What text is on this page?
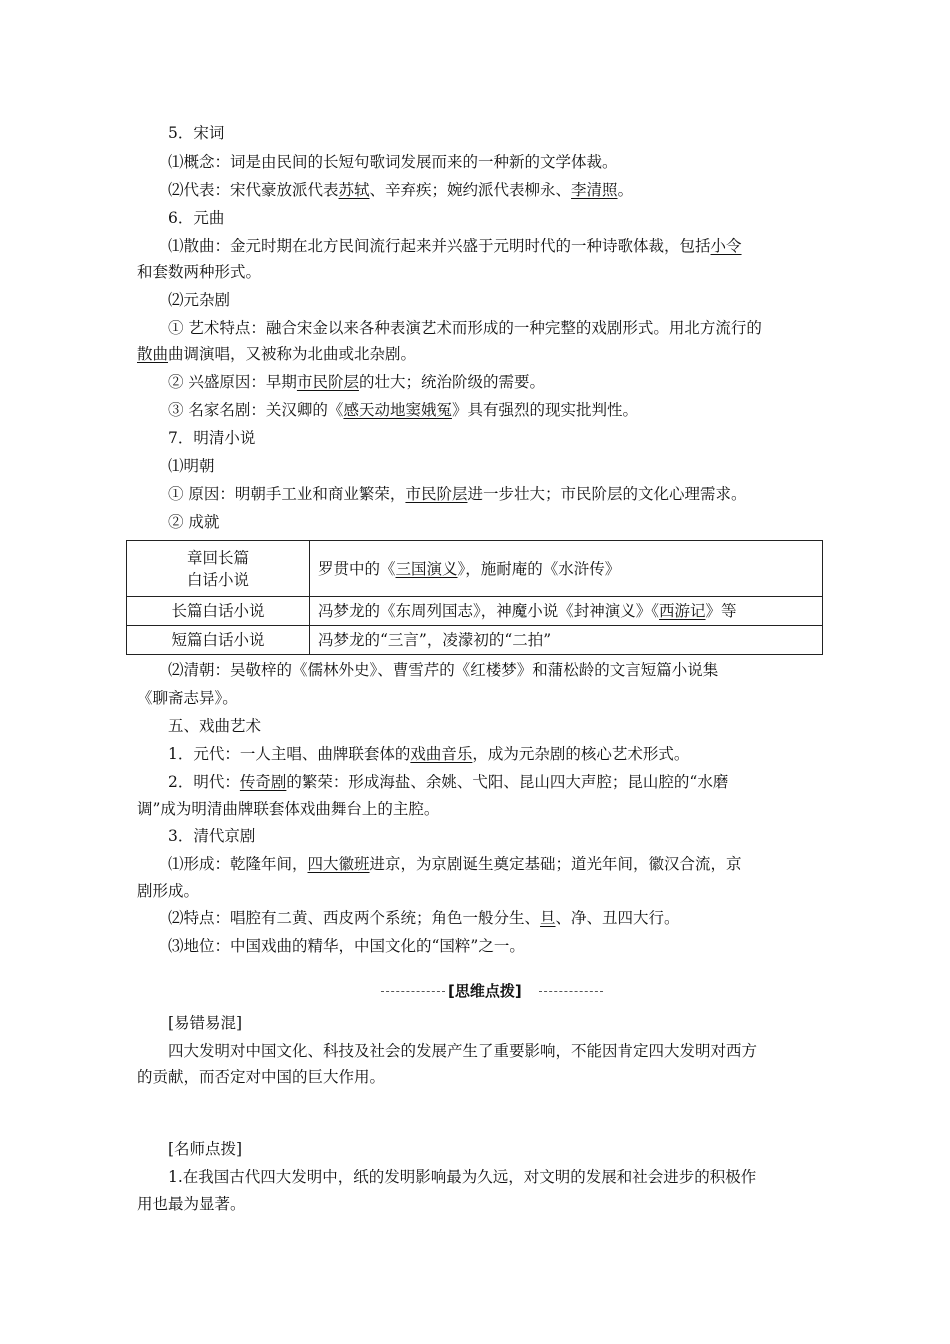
5．宋词
⑴概念：词是由民间的长短句歌词发展而来的一种新的文学体裁。
⑵代表：宋代豪放派代表苏轼、辛弃疾；婉约派代表柳永、李清照。
6．元曲
⑴散曲：金元时期在北方民间流行起来并兴盛于元明时代的一种诗歌体裁，包括小令
和套数两种形式。
⑵元杂剧
① 艺术特点：融合宋金以来各种表演艺术而形成的一种完整的戏剧形式。用北方流行的
散曲曲调演唱，又被称为北曲或北杂剧。
② 兴盛原因：早期市民阶层的壮大；统治阶级的需要。
③ 名家名剧：关汉卿的《感天动地窦娥冤》具有强烈的现实批判性。
7．明清小说
⑴明朝
① 原因：明朝手工业和商业繁荣，市民阶层进一步壮大；市民阶层的文化心理需求。
② 成就
章回长篇
白话小说	罗贯中的《三国演义》，施耐庵的《水浒传》
长篇白话小说	冯梦龙的《东周列国志》，神魔小说《封神演义》《西游记》等
短篇白话小说	冯梦龙的“三言”，凌濛初的“二拍”
⑵清朝：吴敬梓的《儒林外史》、曹雪芹的《红楼梦》和蒲松龄的文言短篇小说集
《聊斋志异》。
五、戏曲艺术
1．元代：一人主唱、曲牌联套体的戏曲音乐，成为元杂剧的核心艺术形式。
2．明代：传奇剧的繁荣：形成海盐、余姚、弋阳、昆山四大声腔；昆山腔的“水磨
调”成为明清曲牌联套体戏曲舞台上的主腔。
3．清代京剧
⑴形成：乾隆年间，四大徽班进京，为京剧诞生奠定基础；道光年间，徽汉合流，京
剧形成。
⑵特点：唱腔有二黄、西皮两个系统；角色一般分生、旦、净、丑四大行。
⑶地位：中国戏曲的精华，中国文化的“国粹”之一。
[思维点拨]
[易错易混]
四大发明对中国文化、科技及社会的发展产生了重要影响，不能因肯定四大发明对西方
的贡献，而否定对中国的巨大作用。
[名师点拨]
1.在我国古代四大发明中，纸的发明影响最为久远，对文明的发展和社会进步的积极作
用也最为显著。
